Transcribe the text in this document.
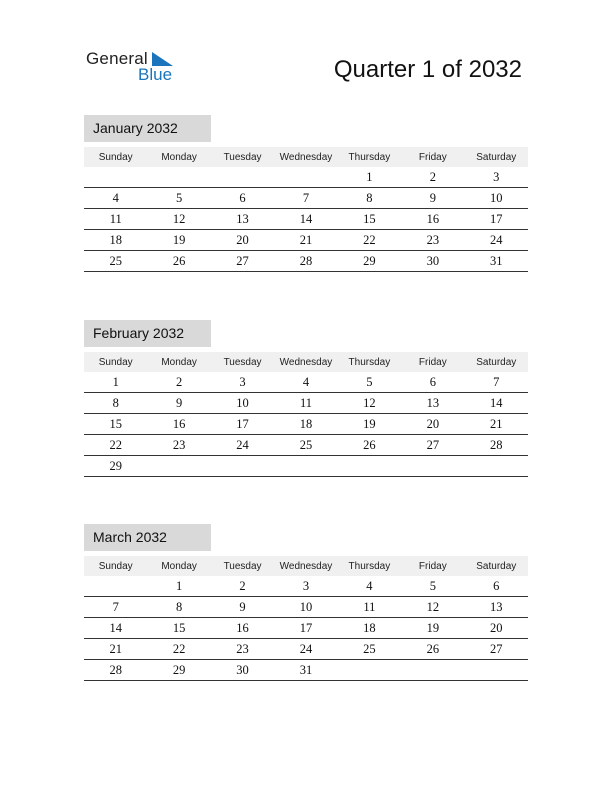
General
Blue	Quarter 1 of 2032
January 2032
Sunday	Monday	Tuesday	Wednesday	Thursday	Friday	Saturday
				1	2	3
4	5	6	7	8	9	10
11	12	13	14	15	16	17
18	19	20	21	22	23	24
25	26	27	28	29	30	31
February 2032
Sunday	Monday	Tuesday	Wednesday	Thursday	Friday	Saturday
1	2	3	4	5	6	7
8	9	10	11	12	13	14
15	16	17	18	19	20	21
22	23	24	25	26	27	28
29						
March 2032
Sunday	Monday	Tuesday	Wednesday	Thursday	Friday	Saturday
	1	2	3	4	5	6
7	8	9	10	11	12	13
14	15	16	17	18	19	20
21	22	23	24	25	26	27
28	29	30	31			
